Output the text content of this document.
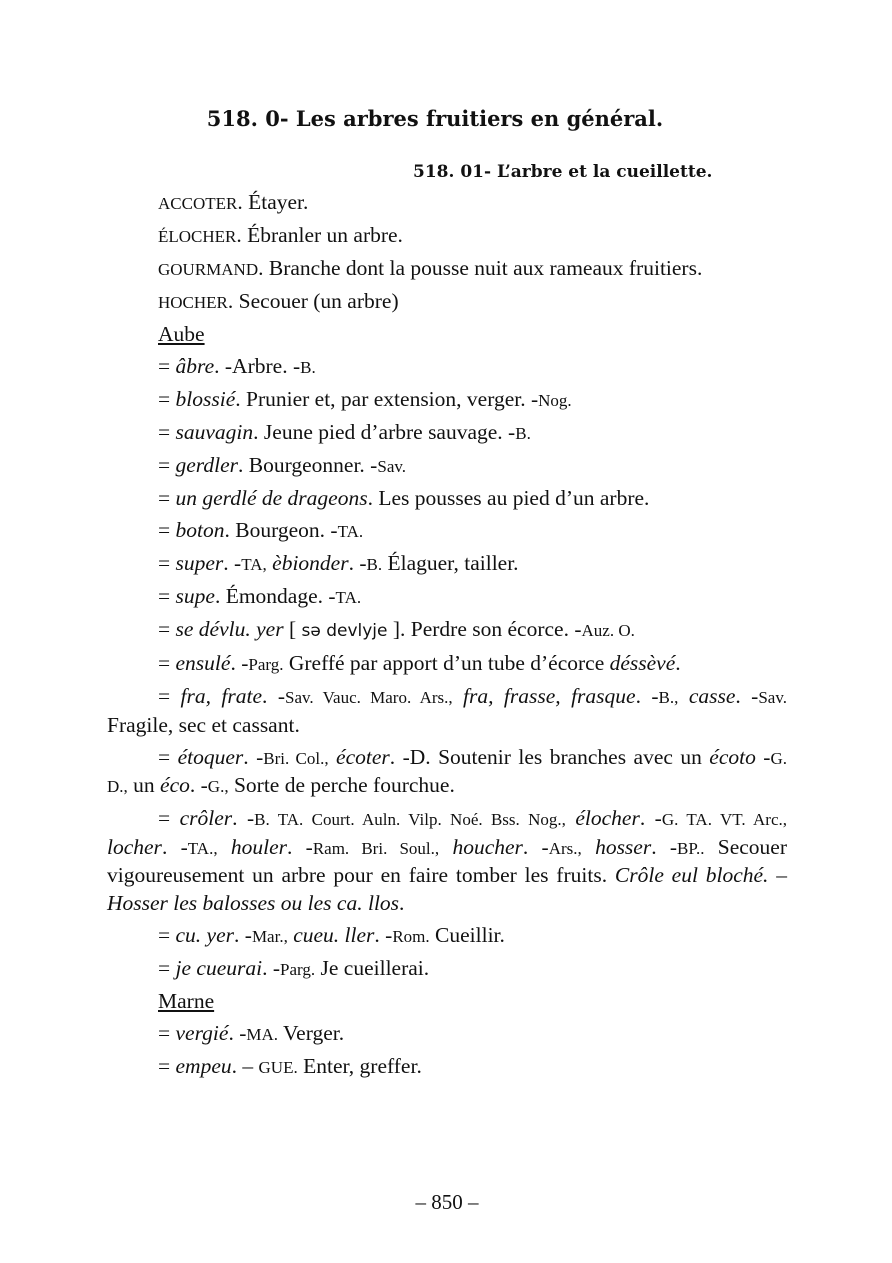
518. 0- Les arbres fruitiers en général.
518. 01- L’arbre et la cueillette.

ACCOTER. Étayer.

ÉLOCHER. Ébranler un arbre.

GOURMAND. Branche dont la pousse nuit aux rameaux fruitiers.

HOCHER. Secouer (un arbre)

Aube

= âbre. -Arbre. -B.

= blossié. Prunier et, par extension, verger. -Nog.

= sauvagin. Jeune pied d’arbre sauvage. -B.

= gerdler. Bourgeonner. -Sav.

= un gerdlé de drageons. Les pousses au pied d’un arbre.

= boton. Bourgeon. -TA.

= super. -TA, èbionder. -B. Élaguer, tailler.

= supe. Émondage. -TA.

= se dévlu. yer [ sə devlyje ]. Perdre son écorce. -Auz. O.

= ensulé. -Parg. Greffé par apport d’un tube d’écorce déssèvé.

= fra, frate. -Sav. Vauc. Maro. Ars., fra, frasse, frasque. -B., casse. -Sav. Fragile, sec et cassant.

= étoquer. -Bri. Col., écoter. -D. Soutenir les branches avec un écoto -G. D., un éco. -G., Sorte de perche fourchue.

= crôler. -B. TA. Court. Auln. Vilp. Noé. Bss. Nog., élocher. -G. TA. VT. Arc., locher. -TA., houler. -Ram. Bri. Soul., houcher. -Ars., hosser. -BP.. Secouer vigoureusement un arbre pour en faire tomber les fruits. Crôle eul bloché. – Hosser les balosses ou les ca. llos.

= cu. yer. -Mar., cueu. ller. -Rom. Cueillir.

= je cueurai. -Parg. Je cueillerai.

Marne

= vergié. -MA. Verger.

= empeu. – GUE. Enter, greffer.

– 850 –
